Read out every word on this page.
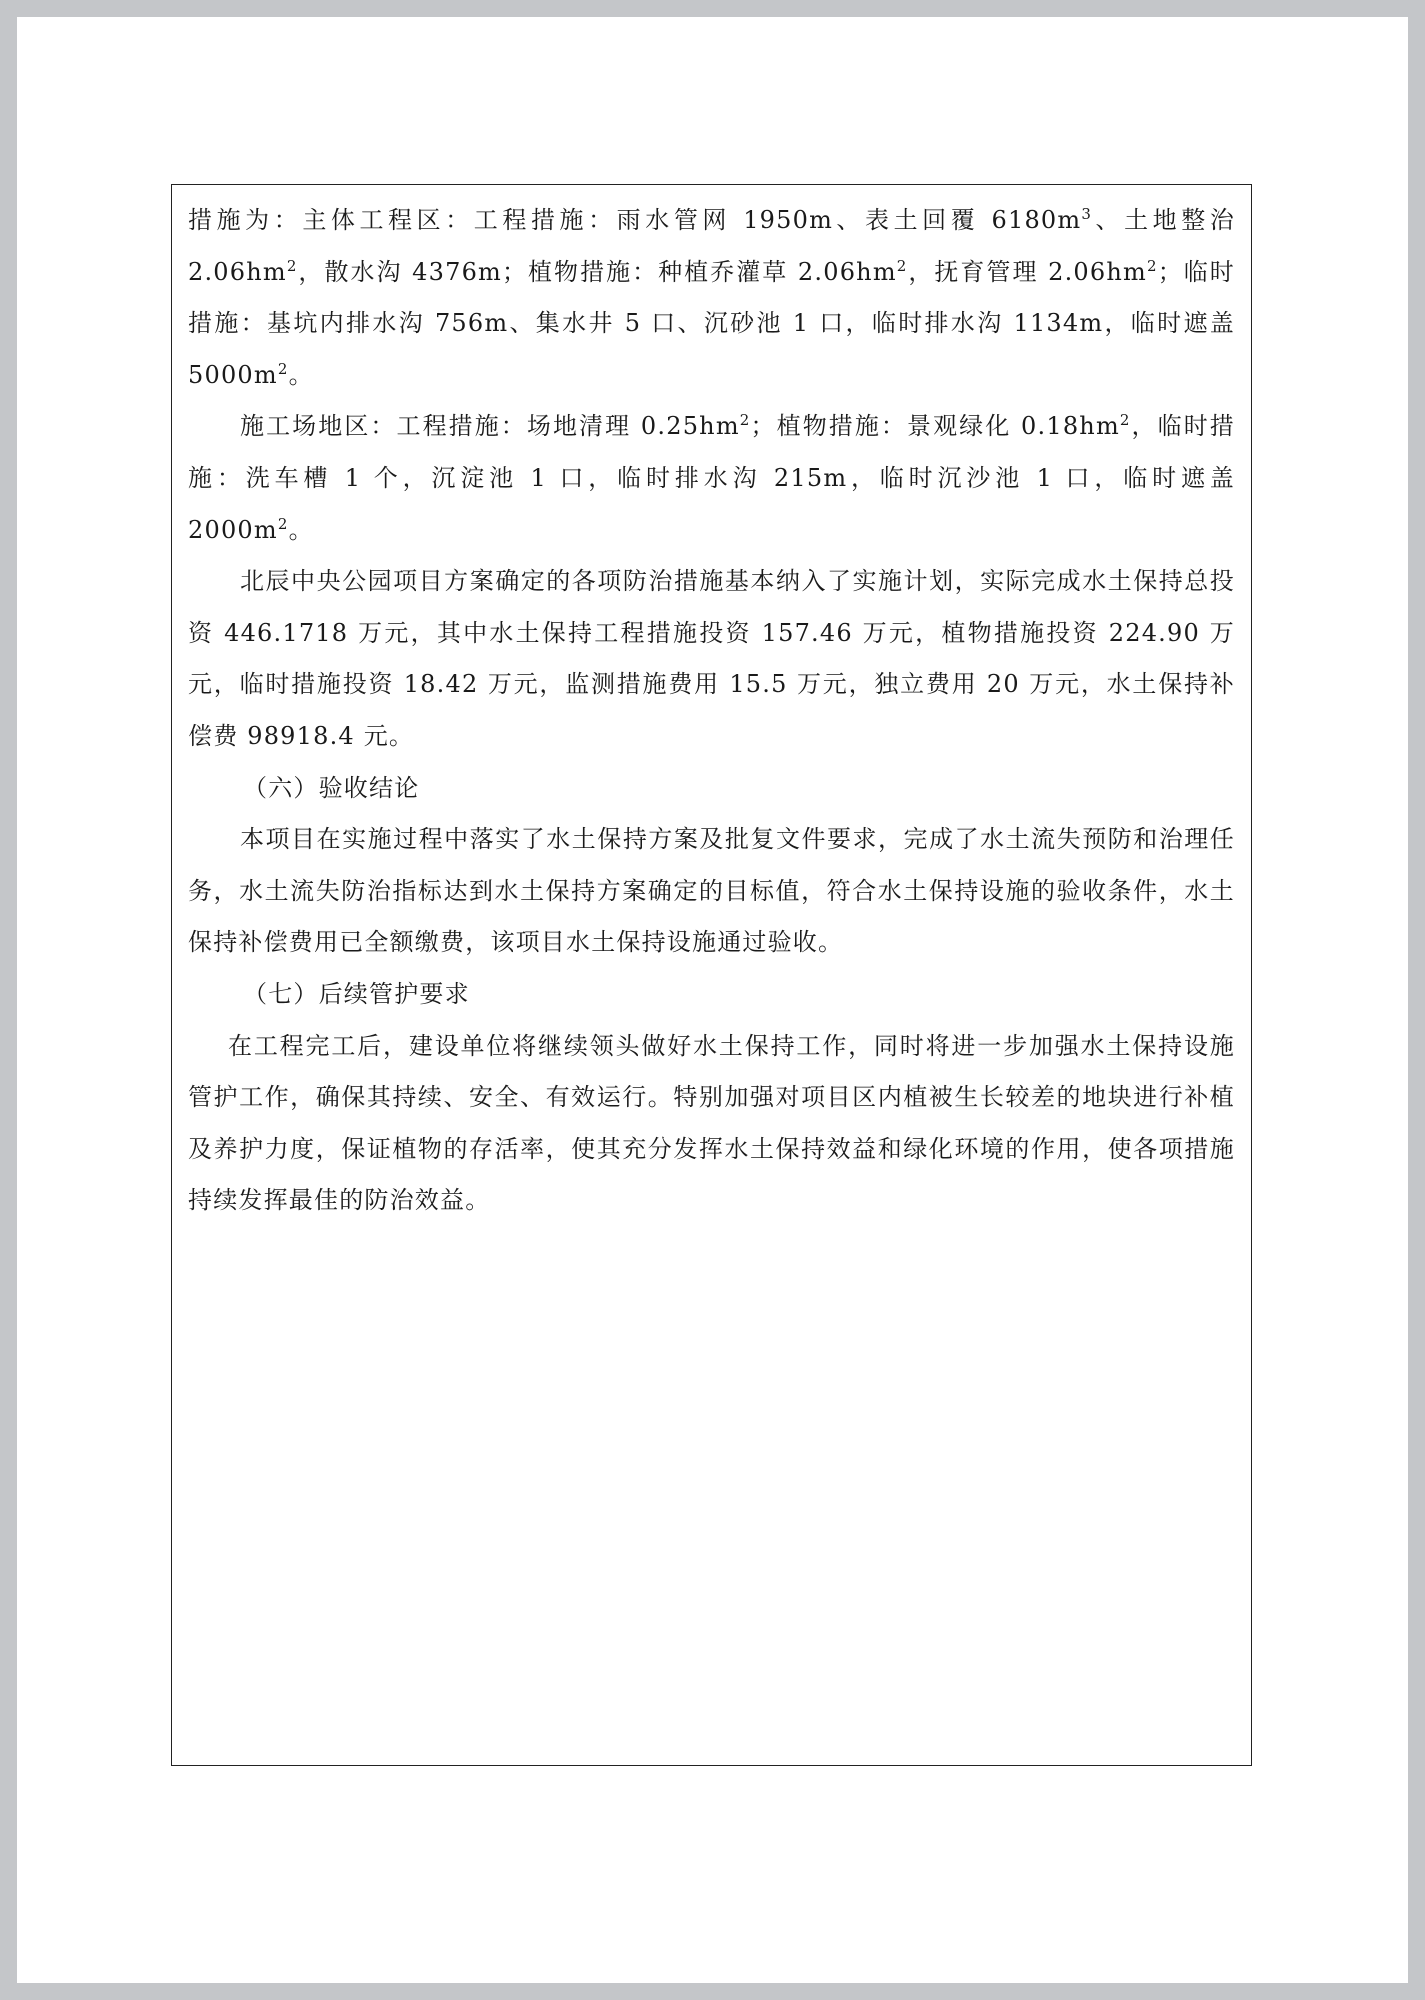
措施为：主体工程区：工程措施：雨水管网 1950m、表土回覆 $6180m^3$、土地整治 $2.06hm^2$，散水沟 4376m；植物措施：种植乔灌草 $2.06hm^2$，抚育管理 $2.06hm^2$；临时措施：基坑内排水沟 756m、集水井 5 口、沉砂池 1 口，临时排水沟 1134m，临时遮盖 $5000m^2$。

施工场地区：工程措施：场地清理 $0.25hm^2$；植物措施：景观绿化 $0.18hm^2$，临时措施：洗车槽 1 个，沉淀池 1 口，临时排水沟 215m，临时沉沙池 1 口，临时遮盖 $2000m^2$。

北辰中央公园项目方案确定的各项防治措施基本纳入了实施计划，实际完成水土保持总投资 446.1718 万元，其中水土保持工程措施投资 157.46 万元，植物措施投资 224.90 万元，临时措施投资 18.42 万元，监测措施费用 15.5 万元，独立费用 20 万元，水土保持补偿费 98918.4 元。

（六）验收结论

本项目在实施过程中落实了水土保持方案及批复文件要求，完成了水土流失预防和治理任务，水土流失防治指标达到水土保持方案确定的目标值，符合水土保持设施的验收条件，水土保持补偿费用已全额缴费，该项目水土保持设施通过验收。

（七）后续管护要求

在工程完工后，建设单位将继续领头做好水土保持工作，同时将进一步加强水土保持设施管护工作，确保其持续、安全、有效运行。特别加强对项目区内植被生长较差的地块进行补植及养护力度，保证植物的存活率，使其充分发挥水土保持效益和绿化环境的作用，使各项措施持续发挥最佳的防治效益。
